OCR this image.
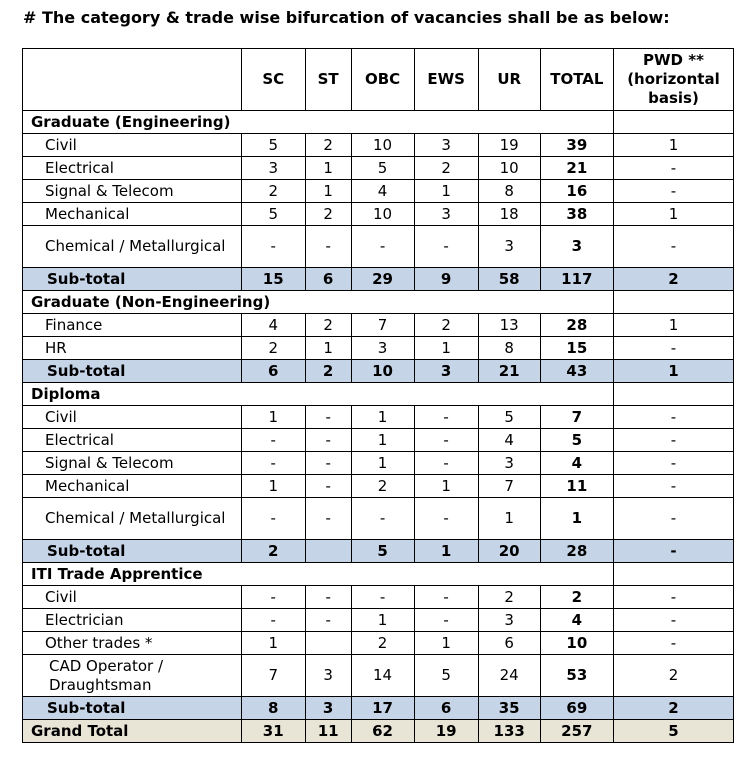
# The category & trade wise bifurcation of vacancies shall be as below:
	SC	ST	OBC	EWS	UR	TOTAL	PWD ** (horizontal basis)
Graduate (Engineering)							
Civil	5	2	10	3	19	39	1
Electrical	3	1	5	2	10	21	-
Signal & Telecom	2	1	4	1	8	16	-
Mechanical	5	2	10	3	18	38	1
Chemical / Metallurgical	-	-	-	-	3	3	-
Sub-total	15	6	29	9	58	117	2
Graduate (Non-Engineering)							
Finance	4	2	7	2	13	28	1
HR	2	1	3	1	8	15	-
Sub-total	6	2	10	3	21	43	1
Diploma							
Civil	1	-	1	-	5	7	-
Electrical	-	-	1	-	4	5	-
Signal & Telecom	-	-	1	-	3	4	-
Mechanical	1	-	2	1	7	11	-
Chemical / Metallurgical	-	-	-	-	1	1	-
Sub-total	2		5	1	20	28	-
ITI Trade Apprentice							
Civil	-	-	-	-	2	2	-
Electrician	-	-	1	-	3	4	-
Other trades *	1		2	1	6	10	-
CAD Operator / Draughtsman	7	3	14	5	24	53	2
Sub-total	8	3	17	6	35	69	2
Grand Total	31	11	62	19	133	257	5
